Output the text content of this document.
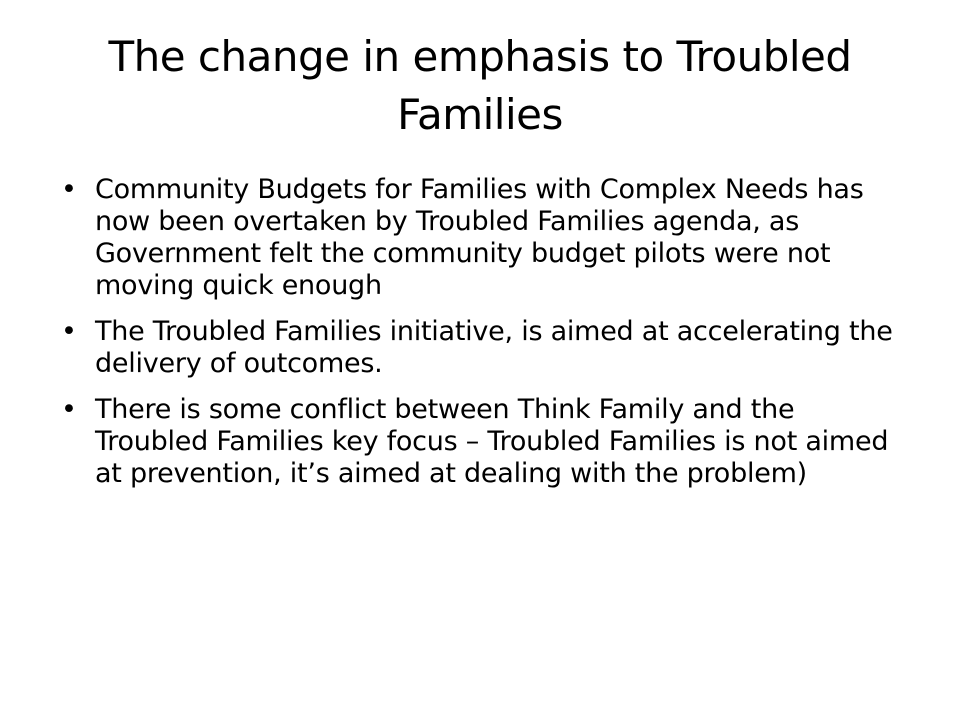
The change in emphasis to Troubled Families
• Community Budgets for Families with Complex Needs has now been overtaken by Troubled Families agenda, as Government felt the community budget pilots were not moving quick enough
• The Troubled Families initiative, is aimed at accelerating the delivery of outcomes.
• There is some conflict between Think Family and the Troubled Families key focus – Troubled Families is not aimed at prevention, it’s aimed at dealing with the problem)
